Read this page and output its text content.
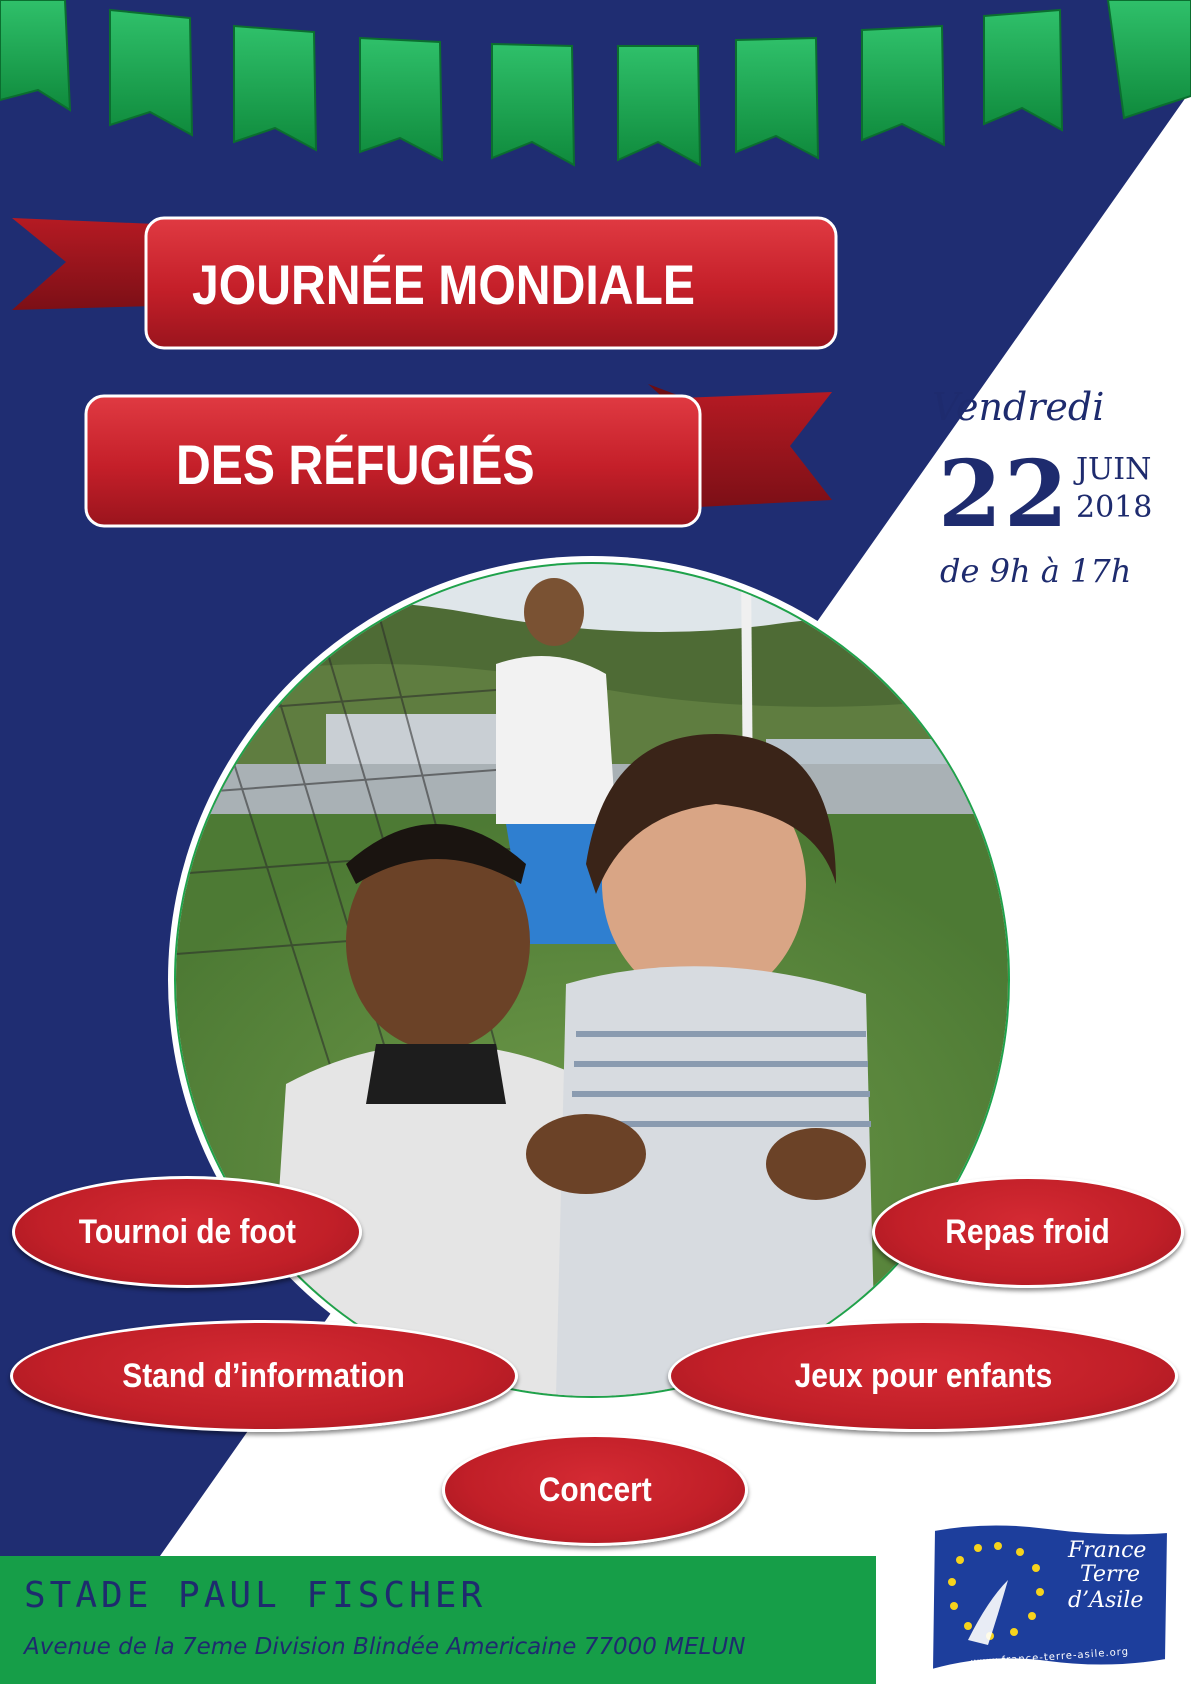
JOURNÉE MONDIALE
DES RÉFUGIÉS
Vendredi
22 JUIN
2018
de 9h à 17h
Tournoi de foot	Repas froid
Stand d’information	Jeux pour enfants
Concert
STADE PAUL FISCHER
Avenue de la 7eme Division Blindée Americaine 77000 MELUN
France
Terre
d’Asile
www.france-terre-asile.org
